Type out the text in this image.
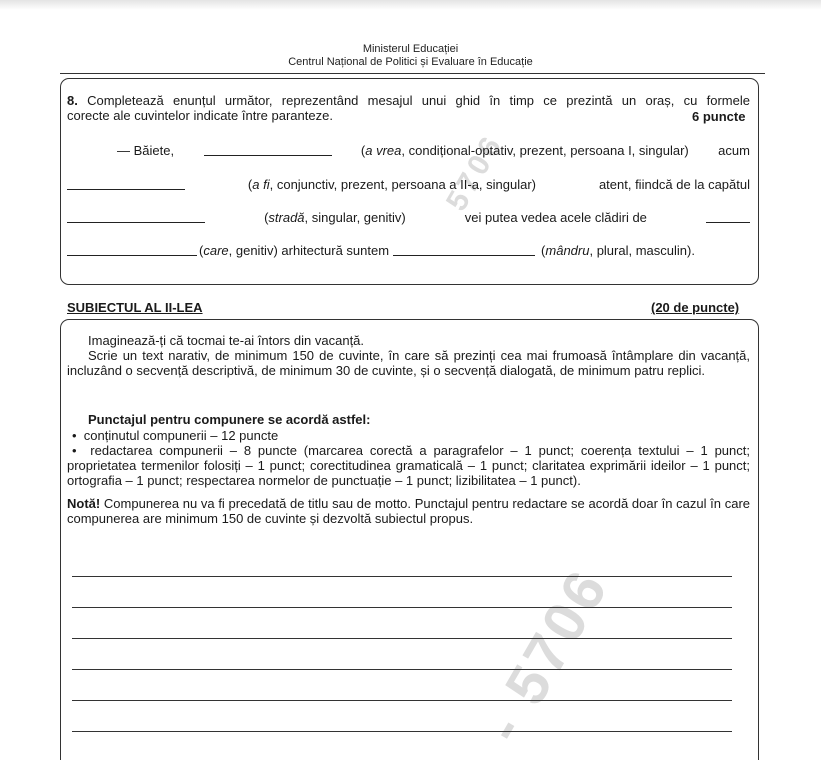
Ministerul Educației
Centrul Național de Politici și Evaluare în Educație
5706
- 5706
8. Completează enunțul următor, reprezentând mesajul unui ghid în timp ce prezintă un oraș, cu formele
corecte ale cuvintelor indicate între paranteze.	6 puncte
— Băiete,	(a vrea, condițional-optativ, prezent, persoana I, singular) acum
(a fi, conjunctiv, prezent, persoana a II-a, singular)	atent, fiindcă de la capătul
(stradă, singular, genitiv)	vei putea vedea acele clădiri de
(care, genitiv) arhitectură suntem	(mândru, plural, masculin).
SUBIECTUL AL II-LEA	(20 de puncte)
Imaginează-ți că tocmai te-ai întors din vacanță.
Scrie un text narativ, de minimum 150 de cuvinte, în care să prezinți cea mai frumoasă întâmplare din vacanță, incluzând o secvență descriptivă, de minimum 30 de cuvinte, și o secvență dialogată, de minimum patru replici.
Punctajul pentru compunere se acordă astfel:
• conținutul compunerii – 12 puncte
• redactarea compunerii – 8 puncte (marcarea corectă a paragrafelor – 1 punct; coerența textului – 1 punct; proprietatea termenilor folosiți – 1 punct; corectitudinea gramaticală – 1 punct; claritatea exprimării ideilor – 1 punct; ortografia – 1 punct; respectarea normelor de punctuație – 1 punct; lizibilitatea – 1 punct).
Notă! Compunerea nu va fi precedată de titlu sau de motto. Punctajul pentru redactare se acordă doar în cazul în care compunerea are minimum 150 de cuvinte și dezvoltă subiectul propus.
